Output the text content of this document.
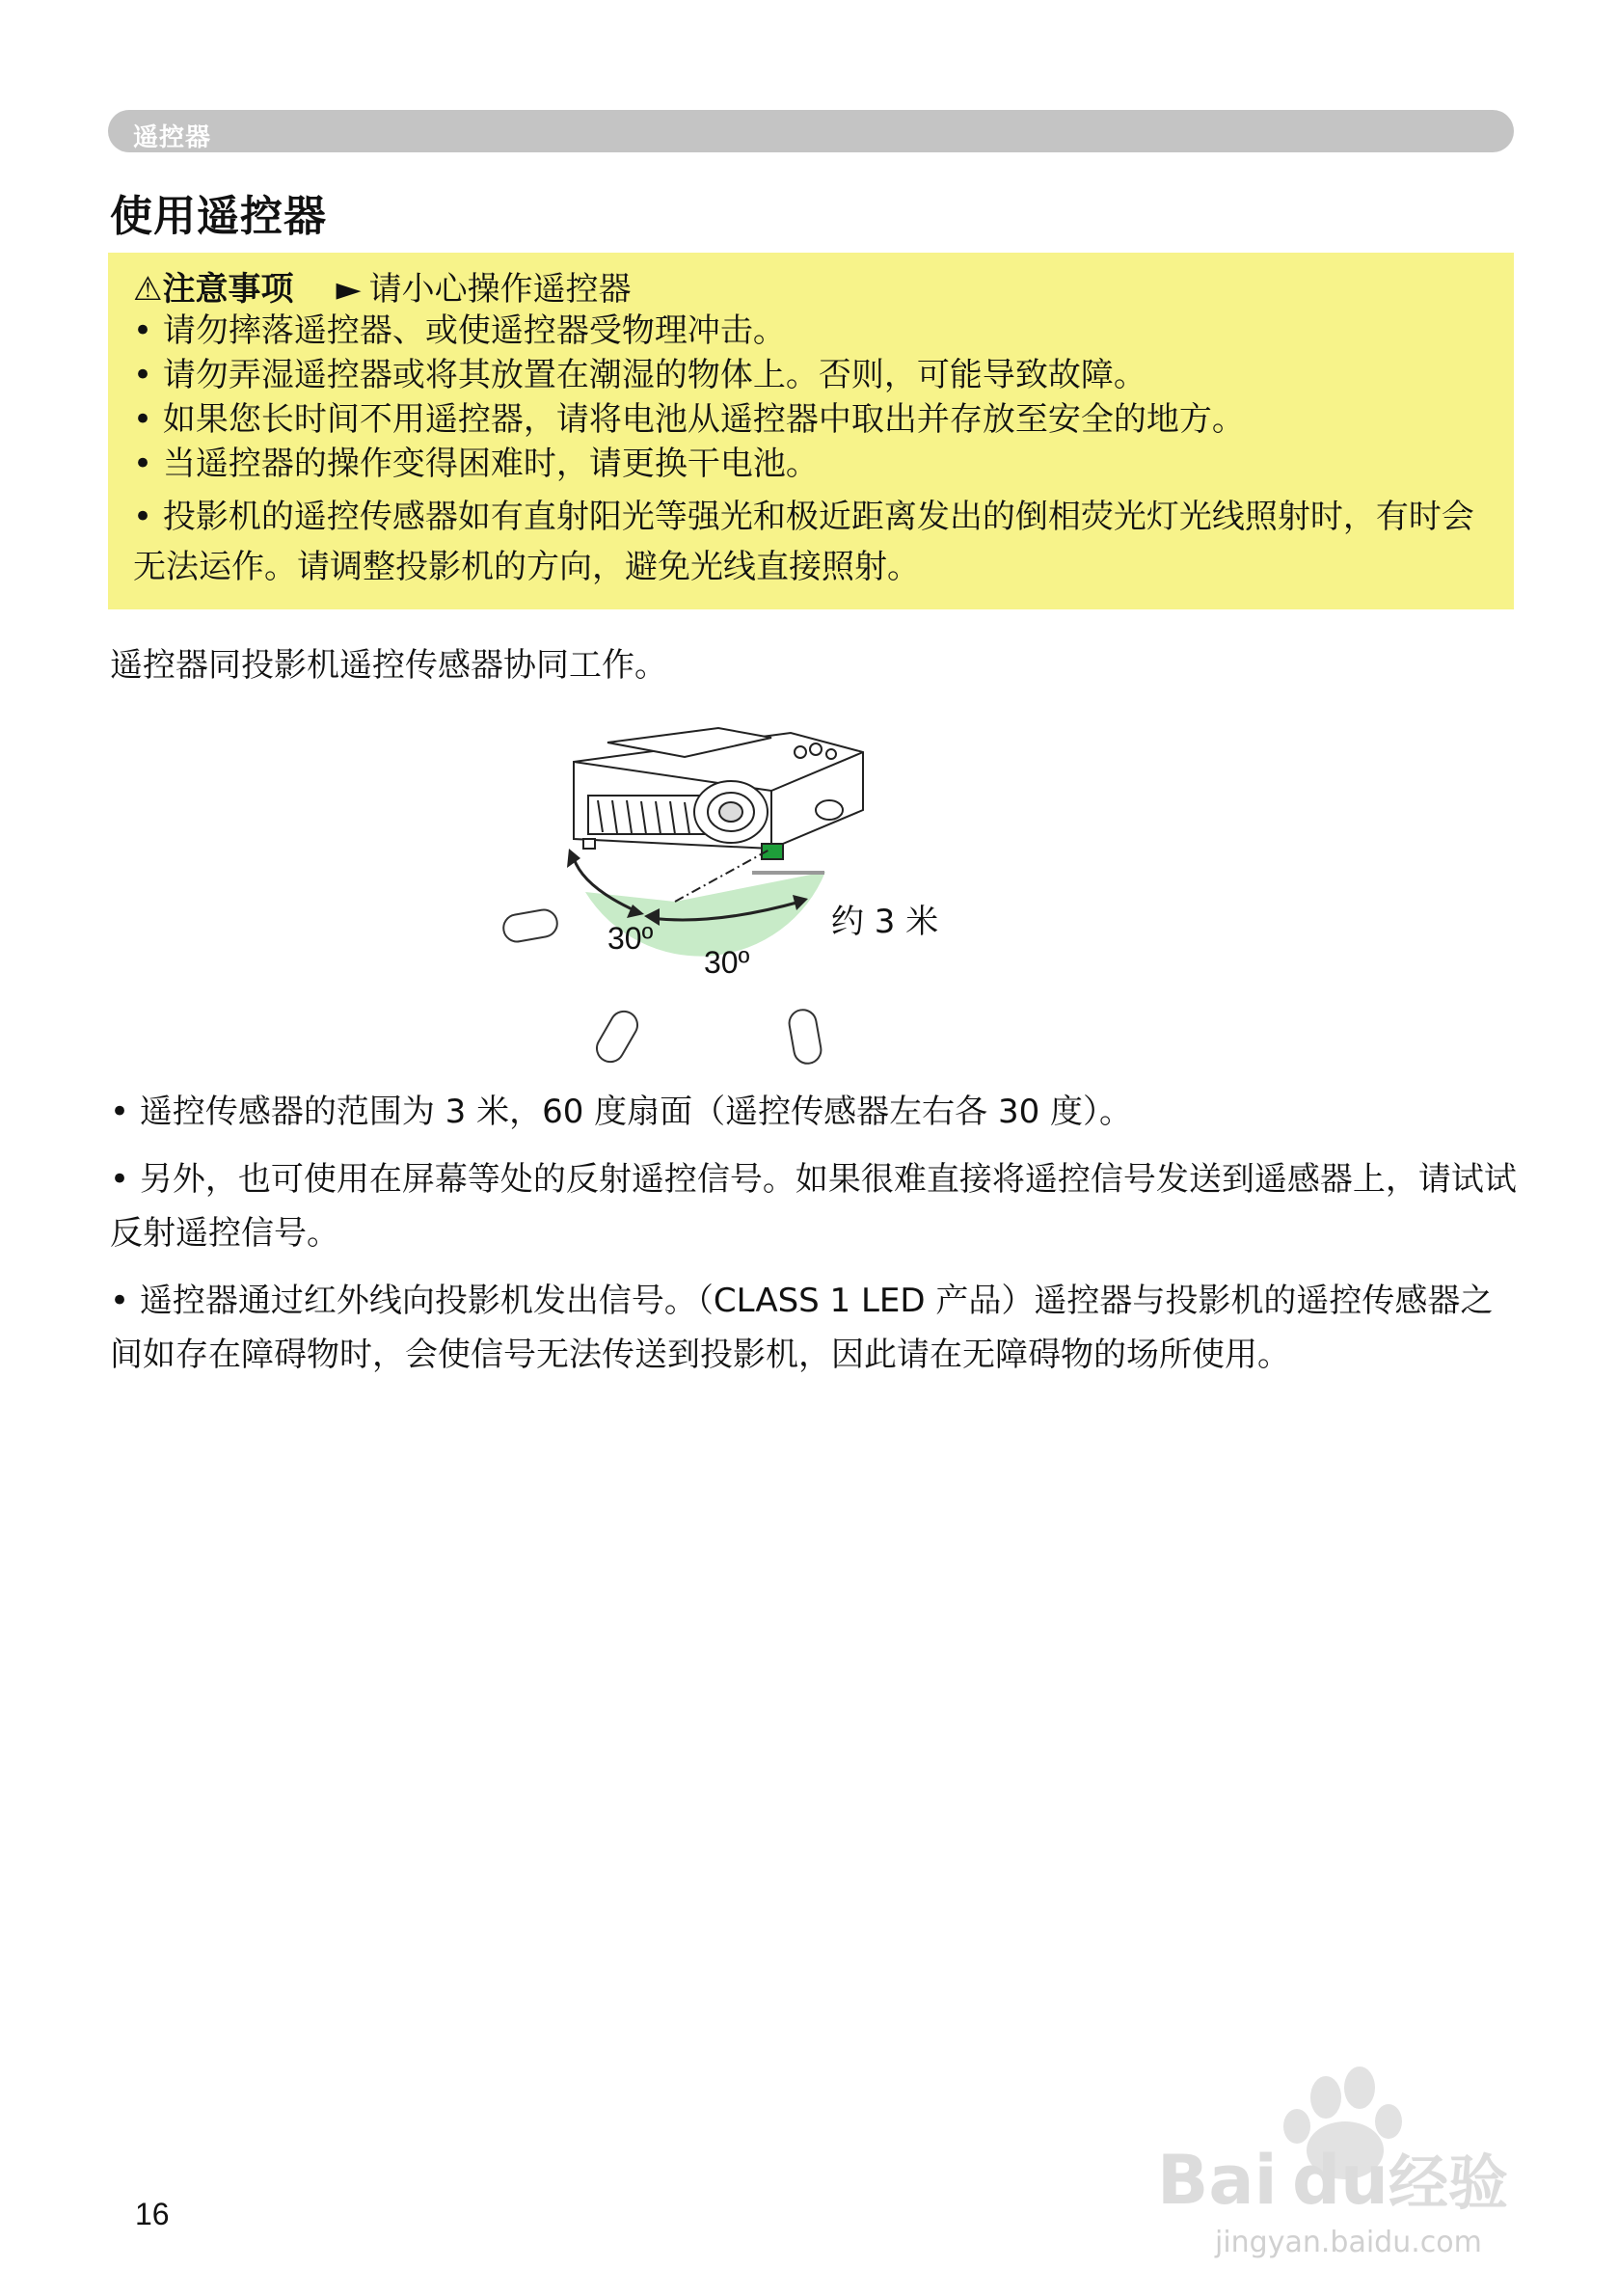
遥控器
使用遥控器
⚠注意事项 ► 请小心操作遥控器
• 请勿摔落遥控器、或使遥控器受物理冲击。
• 请勿弄湿遥控器或将其放置在潮湿的物体上。否则，可能导致故障。
• 如果您长时间不用遥控器，请将电池从遥控器中取出并存放至安全的地方。
• 当遥控器的操作变得困难时，请更换干电池。
• 投影机的遥控传感器如有直射阳光等强光和极近距离发出的倒相荧光灯光线照射时，有时会无法运作。请调整投影机的方向，避免光线直接照射。
遥控器同投影机遥控传感器协同工作。
30º
30º
约 3 米

• 遥控传感器的范围为 3 米，60 度扇面（遥控传感器左右各 30 度）。

• 另外，也可使用在屏幕等处的反射遥控信号。如果很难直接将遥控信号发送到遥感器上，请试试反射遥控信号。

• 遥控器通过红外线向投影机发出信号。（CLASS 1 LED 产品）遥控器与投影机的遥控传感器之间如存在障碍物时，会使信号无法传送到投影机，因此请在无障碍物的场所使用。

16	Bai du 经验
jingyan.baidu.com
